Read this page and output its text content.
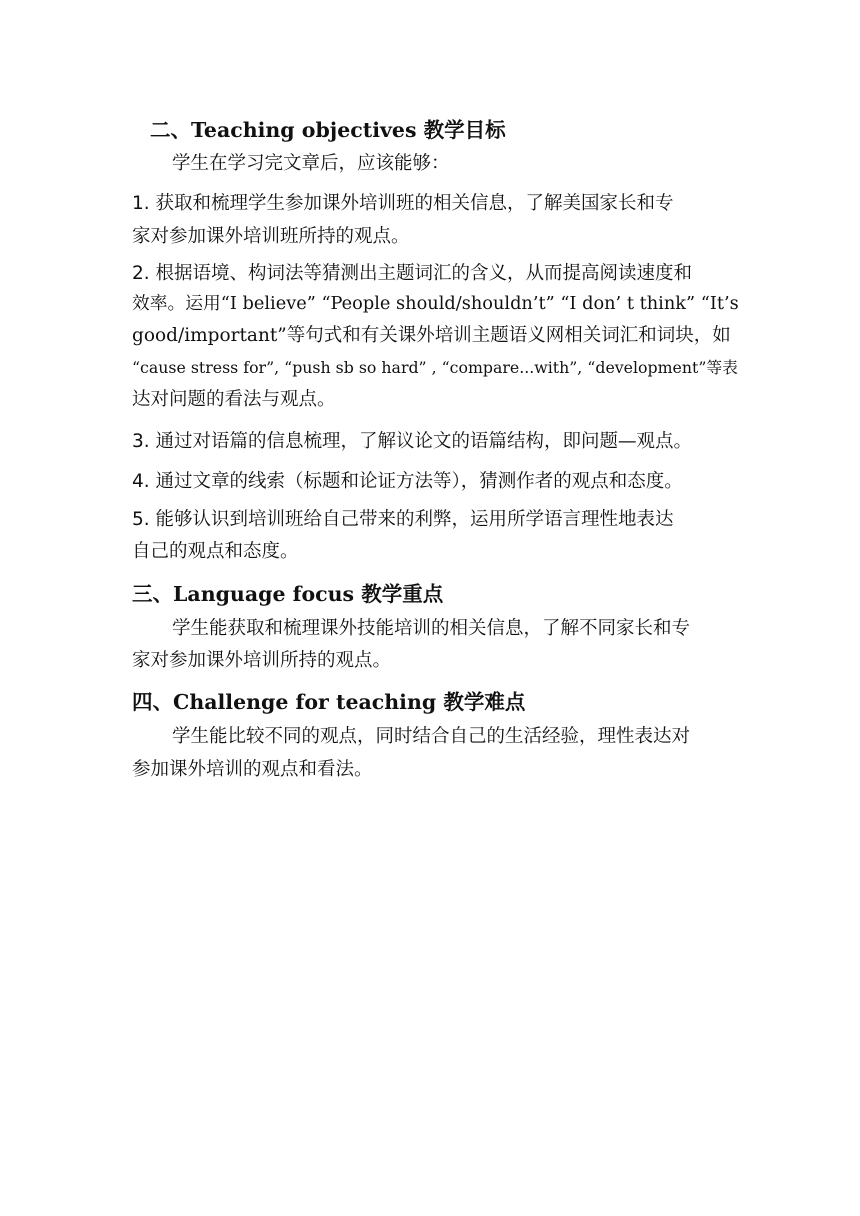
二、Teaching objectives 教学目标
学生在学习完文章后，应该能够：
1. 获取和梳理学生参加课外培训班的相关信息，了解美国家长和专
家对参加课外培训班所持的观点。
2. 根据语境、构词法等猜测出主题词汇的含义，从而提高阅读速度和
效率。运用“I believe” “People should/shouldn’t” “I don’ t think” “It’s
good/important”等句式和有关课外培训主题语义网相关词汇和词块，如
“cause stress for”, “push sb so hard” , “compare...with”, “development”等表
达对问题的看法与观点。
3. 通过对语篇的信息梳理，了解议论文的语篇结构，即问题—观点。
4. 通过文章的线索（标题和论证方法等），猜测作者的观点和态度。
5. 能够认识到培训班给自己带来的利弊，运用所学语言理性地表达
自己的观点和态度。
三、Language focus 教学重点
学生能获取和梳理课外技能培训的相关信息，了解不同家长和专
家对参加课外培训所持的观点。
四、Challenge for teaching 教学难点
学生能比较不同的观点，同时结合自己的生活经验，理性表达对
参加课外培训的观点和看法。
